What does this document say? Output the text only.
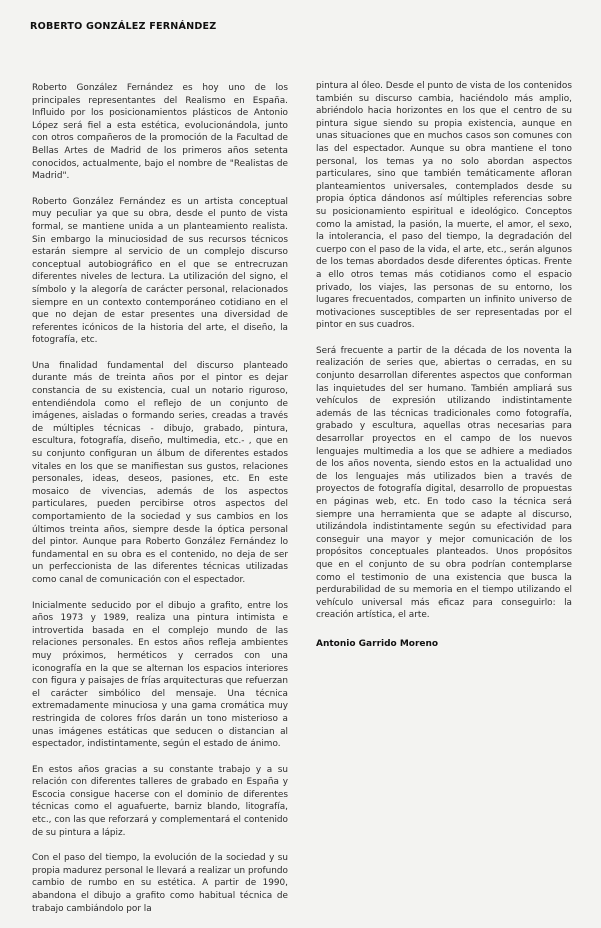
ROBERTO GONZÁLEZ FERNÁNDEZ

Roberto González Fernández es hoy uno de los principales representantes del Realismo en España. Influido por los posicionamientos plásticos de Antonio López será fiel a esta estética, evolucionándola, junto con otros compañeros de la promoción de la Facultad de Bellas Artes de Madrid de los primeros años setenta conocidos, actualmente, bajo el nombre de "Realistas de Madrid".

Roberto González Fernández es un artista conceptual muy peculiar ya que su obra, desde el punto de vista formal, se mantiene unida a un planteamiento realista. Sin embargo la minuciosidad de sus recursos técnicos estarán siempre al servicio de un complejo discurso conceptual autobiográfico en el que se entrecruzan diferentes niveles de lectura. La utilización del signo, el símbolo y la alegoría de carácter personal, relacionados siempre en un contexto contemporáneo cotidiano en el que no dejan de estar presentes una diversidad de referentes icónicos de la historia del arte, el diseño, la fotografía, etc.

Una finalidad fundamental del discurso planteado durante más de treinta años por el pintor es dejar constancia de su existencia, cual un notario riguroso, entendiéndola como el reflejo de un conjunto de imágenes, aisladas o formando series, creadas a través de múltiples técnicas - dibujo, grabado, pintura, escultura, fotografía, diseño, multimedia, etc.- , que en su conjunto configuran un álbum de diferentes estados vitales en los que se manifiestan sus gustos, relaciones personales, ideas, deseos, pasiones, etc. En este mosaico de vivencias, además de los aspectos particulares, pueden percibirse otros aspectos del comportamiento de la sociedad y sus cambios en los últimos treinta años, siempre desde la óptica personal del pintor. Aunque para Roberto González Fernández lo fundamental en su obra es el contenido, no deja de ser un perfeccionista de las diferentes técnicas utilizadas como canal de comunicación con el espectador.

Inicialmente seducido por el dibujo a grafito, entre los años 1973 y 1989, realiza una pintura intimista e introvertida basada en el complejo mundo de las relaciones personales. En estos años refleja ambientes muy próximos, herméticos y cerrados con una iconografía en la que se alternan los espacios interiores con figura y paisajes de frías arquitecturas que refuerzan el carácter simbólico del mensaje. Una técnica extremadamente minuciosa y una gama cromática muy restringida de colores fríos darán un tono misterioso a unas imágenes estáticas que seducen o distancian al espectador, indistintamente, según el estado de ánimo.

En estos años gracias a su constante trabajo y a su relación con diferentes talleres de grabado en España y Escocia consigue hacerse con el dominio de diferentes técnicas como el aguafuerte, barniz blando, litografía, etc., con las que reforzará y complementará el contenido de su pintura a lápiz.

Con el paso del tiempo, la evolución de la sociedad y su propia madurez personal le llevará a realizar un profundo cambio de rumbo en su estética. A partir de 1990, abandona el dibujo a grafito como habitual técnica de trabajo cambiándolo por la

pintura al óleo. Desde el punto de vista de los contenidos también su discurso cambia, haciéndolo más amplio, abriéndolo hacia horizontes en los que el centro de su pintura sigue siendo su propia existencia, aunque en unas situaciones que en muchos casos son comunes con las del espectador. Aunque su obra mantiene el tono personal, los temas ya no solo abordan aspectos particulares, sino que también temáticamente afloran planteamientos universales, contemplados desde su propia óptica dándonos así múltiples referencias sobre su posicionamiento espiritual e ideológico. Conceptos como la amistad, la pasión, la muerte, el amor, el sexo, la intolerancia, el paso del tiempo, la degradación del cuerpo con el paso de la vida, el arte, etc., serán algunos de los temas abordados desde diferentes ópticas. Frente a ello otros temas más cotidianos como el espacio privado, los viajes, las personas de su entorno, los lugares frecuentados, comparten un infinito universo de motivaciones susceptibles de ser representadas por el pintor en sus cuadros.

Será frecuente a partir de la década de los noventa la realización de series que, abiertas o cerradas, en su conjunto desarrollan diferentes aspectos que conforman las inquietudes del ser humano. También ampliará sus vehículos de expresión utilizando indistintamente además de las técnicas tradicionales como fotografía, grabado y escultura, aquellas otras necesarias para desarrollar proyectos en el campo de los nuevos lenguajes multimedia a los que se adhiere a mediados de los años noventa, siendo estos en la actualidad uno de los lenguajes más utilizados bien a través de proyectos de fotografía digital, desarrollo de propuestas en páginas web, etc. En todo caso la técnica será siempre una herramienta que se adapte al discurso, utilizándola indistintamente según su efectividad para conseguir una mayor y mejor comunicación de los propósitos conceptuales planteados. Unos propósitos que en el conjunto de su obra podrían contemplarse como el testimonio de una existencia que busca la perdurabilidad de su memoria en el tiempo utilizando el vehículo universal más eficaz para conseguirlo: la creación artística, el arte.

Antonio Garrido Moreno
